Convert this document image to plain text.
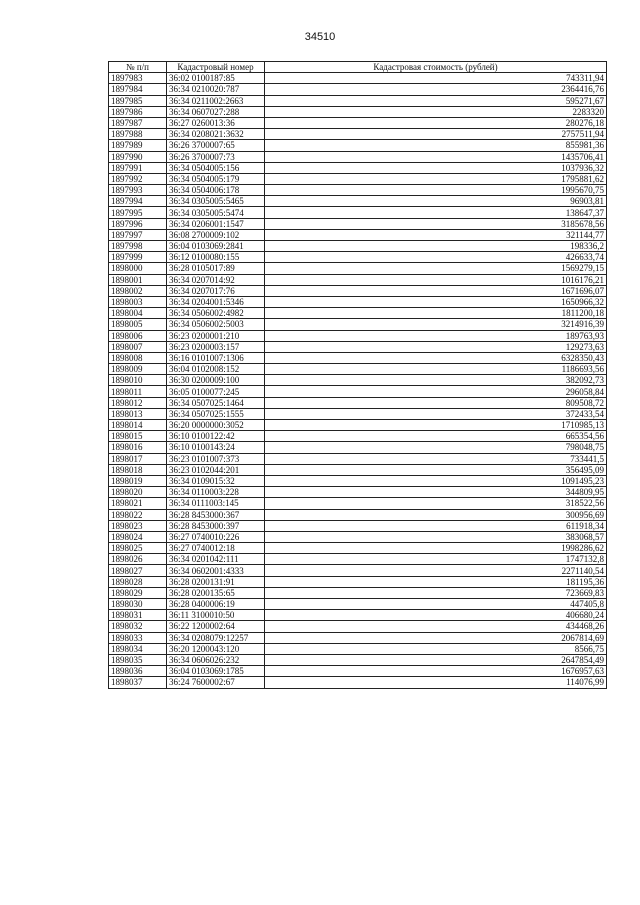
34510
№ п/п	Кадастровый номер	Кадастровая стоимость (рублей)
1897983	36:02 0100187:85	743311,94
1897984	36:34 0210020:787	2364416,76
1897985	36:34 0211002:2663	595271,67
1897986	36:34 0607027:288	2283320
1897987	36:27 0260013:36	280276,18
1897988	36:34 0208021:3632	2757511,94
1897989	36:26 3700007:65	855981,36
1897990	36:26 3700007:73	1435706,41
1897991	36:34 0504005:156	1037936,32
1897992	36:34 0504005:179	1795881,62
1897993	36:34 0504006:178	1995670,75
1897994	36:34 0305005:5465	96903,81
1897995	36:34 0305005:5474	138647,37
1897996	36:34 0206001:1547	3185678,56
1897997	36:08 2700009:102	321144,77
1897998	36:04 0103069:2841	198336,2
1897999	36:12 0100080:155	426633,74
1898000	36:28 0105017:89	1569279,15
1898001	36:34 0207014:92	1016176,21
1898002	36:34 0207017:76	1671696,07
1898003	36:34 0204001:5346	1650966,32
1898004	36:34 0506002:4982	1811200,18
1898005	36:34 0506002:5003	3214916,39
1898006	36:23 0200001:210	189763,93
1898007	36:23 0200003:157	129273,63
1898008	36:16 0101007:1306	6328350,43
1898009	36:04 0102008:152	1186693,56
1898010	36:30 0200009:100	382092,73
1898011	36:05 0100077:245	296058,84
1898012	36:34 0507025:1464	809508,72
1898013	36:34 0507025:1555	372433,54
1898014	36:20 0000000:3052	1710985,13
1898015	36:10 0100122:42	665354,56
1898016	36:10 0100143:24	798048,75
1898017	36:23 0101007:373	733441,5
1898018	36:23 0102044:201	356495,09
1898019	36:34 0109015:32	1091495,23
1898020	36:34 0110003:228	344809,95
1898021	36:34 0111003:145	318522,56
1898022	36:28 8453000:367	300956,69
1898023	36:28 8453000:397	611918,34
1898024	36:27 0740010:226	383068,57
1898025	36:27 0740012:18	1998286,62
1898026	36:34 0201042:111	1747132,8
1898027	36:34 0602001:4333	2271140,54
1898028	36:28 0200131:91	181195,36
1898029	36:28 0200135:65	723669,83
1898030	36:28 0400006:19	447405,8
1898031	36:11 3100010:50	406680,24
1898032	36:22 1200002:64	434468,26
1898033	36:34 0208079:12257	2067814,69
1898034	36:20 1200043:120	8566,75
1898035	36:34 0606026:232	2647854,49
1898036	36:04 0103069:1785	1676957,63
1898037	36:24 7600002:67	114076,99
